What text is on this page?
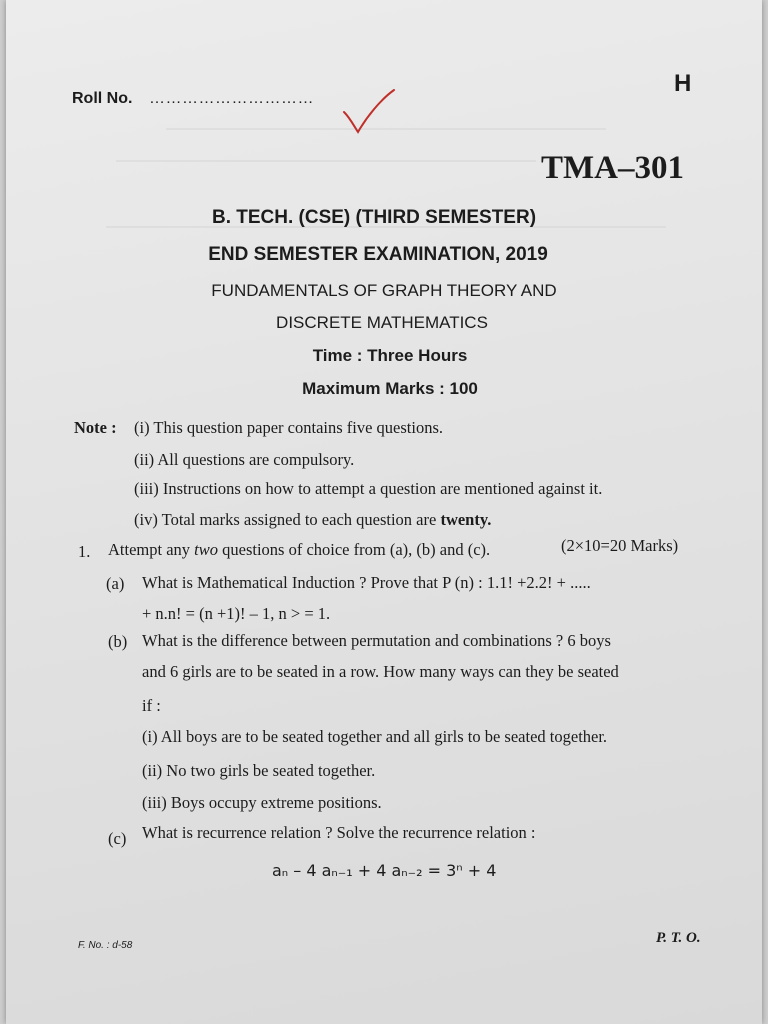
Roll No. …………………………
H
TMA–301
B. TECH. (CSE) (THIRD SEMESTER)
END SEMESTER EXAMINATION, 2019
FUNDAMENTALS OF GRAPH THEORY AND
DISCRETE MATHEMATICS
Time : Three Hours
Maximum Marks : 100
Note : (i) This question paper contains five questions.
(ii) All questions are compulsory.
(iii) Instructions on how to attempt a question are mentioned against it.
(iv) Total marks assigned to each question are twenty.
1. Attempt any two questions of choice from (a), (b) and (c).	(2×10=20 Marks)
(a) What is Mathematical Induction ? Prove that P (n) : 1.1! +2.2! + .....
+ n.n! = (n +1)! – 1, n > = 1.
(b) What is the difference between permutation and combinations ? 6 boys
and 6 girls are to be seated in a row. How many ways can they be seated
if :
(i) All boys are to be seated together and all girls to be seated together.
(ii) No two girls be seated together.
(iii) Boys occupy extreme positions.
(c) What is recurrence relation ? Solve the recurrence relation :
aₙ – 4 aₙ₋₁ + 4 aₙ₋₂ = 3ⁿ + 4
F. No. : d-58	P. T. O.
